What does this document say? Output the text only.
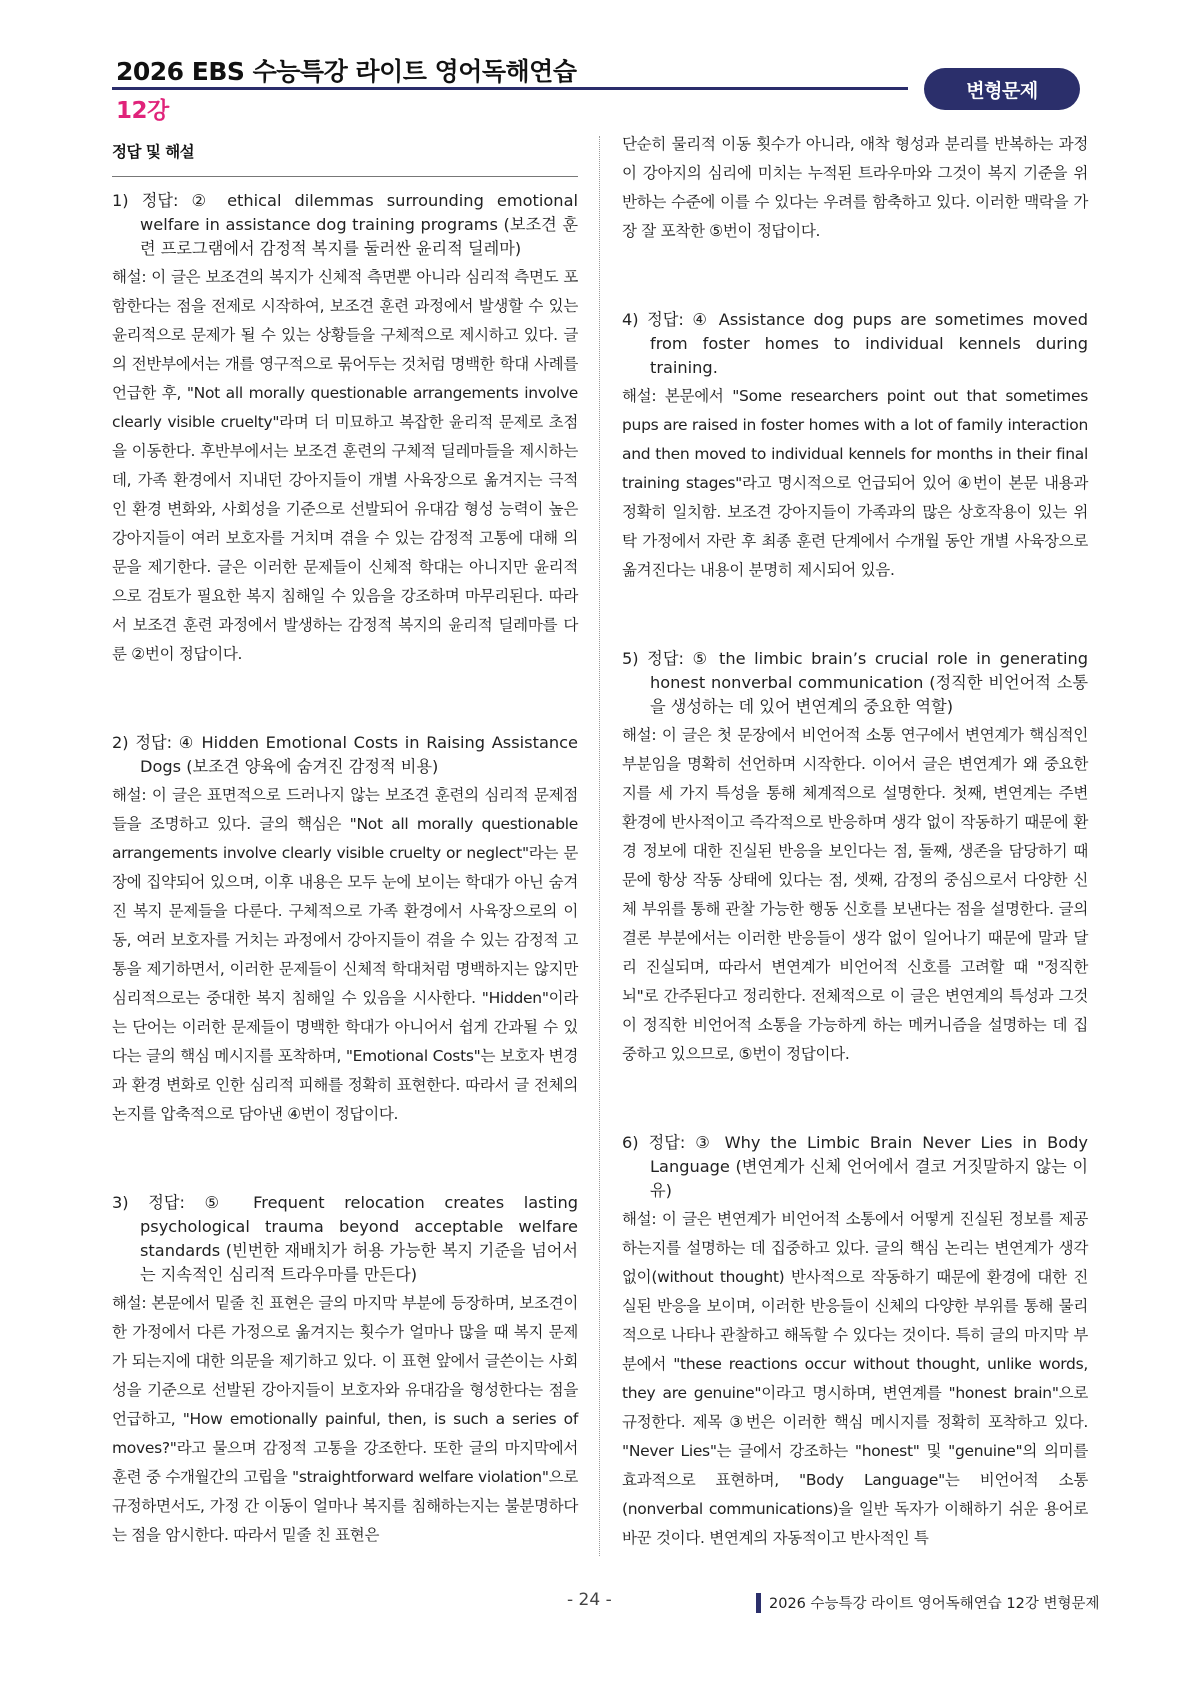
2026 EBS 수능특강 라이트 영어독해연습
12강
변형문제
정답 및 해설
1) 정답: ② ethical dilemmas surrounding emotional welfare in assistance dog training programs (보조견 훈련 프로그램에서 감정적 복지를 둘러싼 윤리적 딜레마)

해설: 이 글은 보조견의 복지가 신체적 측면뿐 아니라 심리적 측면도 포함한다는 점을 전제로 시작하여, 보조견 훈련 과정에서 발생할 수 있는 윤리적으로 문제가 될 수 있는 상황들을 구체적으로 제시하고 있다. 글의 전반부에서는 개를 영구적으로 묶어두는 것처럼 명백한 학대 사례를 언급한 후, "Not all morally questionable arrangements involve clearly visible cruelty"라며 더 미묘하고 복잡한 윤리적 문제로 초점을 이동한다. 후반부에서는 보조견 훈련의 구체적 딜레마들을 제시하는데, 가족 환경에서 지내던 강아지들이 개별 사육장으로 옮겨지는 극적인 환경 변화와, 사회성을 기준으로 선발되어 유대감 형성 능력이 높은 강아지들이 여러 보호자를 거치며 겪을 수 있는 감정적 고통에 대해 의문을 제기한다. 글은 이러한 문제들이 신체적 학대는 아니지만 윤리적으로 검토가 필요한 복지 침해일 수 있음을 강조하며 마무리된다. 따라서 보조견 훈련 과정에서 발생하는 감정적 복지의 윤리적 딜레마를 다룬 ②번이 정답이다.

2) 정답: ④ Hidden Emotional Costs in Raising Assistance Dogs (보조견 양육에 숨겨진 감정적 비용)

해설: 이 글은 표면적으로 드러나지 않는 보조견 훈련의 심리적 문제점들을 조명하고 있다. 글의 핵심은 "Not all morally questionable arrangements involve clearly visible cruelty or neglect"라는 문장에 집약되어 있으며, 이후 내용은 모두 눈에 보이는 학대가 아닌 숨겨진 복지 문제들을 다룬다. 구체적으로 가족 환경에서 사육장으로의 이동, 여러 보호자를 거치는 과정에서 강아지들이 겪을 수 있는 감정적 고통을 제기하면서, 이러한 문제들이 신체적 학대처럼 명백하지는 않지만 심리적으로는 중대한 복지 침해일 수 있음을 시사한다. "Hidden"이라는 단어는 이러한 문제들이 명백한 학대가 아니어서 쉽게 간과될 수 있다는 글의 핵심 메시지를 포착하며, "Emotional Costs"는 보호자 변경과 환경 변화로 인한 심리적 피해를 정확히 표현한다. 따라서 글 전체의 논지를 압축적으로 담아낸 ④번이 정답이다.

3) 정답: ⑤ Frequent relocation creates lasting psychological trauma beyond acceptable welfare standards (빈번한 재배치가 허용 가능한 복지 기준을 넘어서는 지속적인 심리적 트라우마를 만든다)

해설: 본문에서 밑줄 친 표현은 글의 마지막 부분에 등장하며, 보조견이 한 가정에서 다른 가정으로 옮겨지는 횟수가 얼마나 많을 때 복지 문제가 되는지에 대한 의문을 제기하고 있다. 이 표현 앞에서 글쓴이는 사회성을 기준으로 선발된 강아지들이 보호자와 유대감을 형성한다는 점을 언급하고, "How emotionally painful, then, is such a series of moves?"라고 물으며 감정적 고통을 강조한다. 또한 글의 마지막에서 훈련 중 수개월간의 고립을 "straightforward welfare violation"으로 규정하면서도, 가정 간 이동이 얼마나 복지를 침해하는지는 불분명하다는 점을 암시한다. 따라서 밑줄 친 표현은

단순히 물리적 이동 횟수가 아니라, 애착 형성과 분리를 반복하는 과정이 강아지의 심리에 미치는 누적된 트라우마와 그것이 복지 기준을 위반하는 수준에 이를 수 있다는 우려를 함축하고 있다. 이러한 맥락을 가장 잘 포착한 ⑤번이 정답이다.

4) 정답: ④ Assistance dog pups are sometimes moved from foster homes to individual kennels during training.

해설: 본문에서 "Some researchers point out that sometimes pups are raised in foster homes with a lot of family interaction and then moved to individual kennels for months in their final training stages"라고 명시적으로 언급되어 있어 ④번이 본문 내용과 정확히 일치함. 보조견 강아지들이 가족과의 많은 상호작용이 있는 위탁 가정에서 자란 후 최종 훈련 단계에서 수개월 동안 개별 사육장으로 옮겨진다는 내용이 분명히 제시되어 있음.

5) 정답: ⑤ the limbic brain’s crucial role in generating honest nonverbal communication (정직한 비언어적 소통을 생성하는 데 있어 변연계의 중요한 역할)

해설: 이 글은 첫 문장에서 비언어적 소통 연구에서 변연계가 핵심적인 부분임을 명확히 선언하며 시작한다. 이어서 글은 변연계가 왜 중요한지를 세 가지 특성을 통해 체계적으로 설명한다. 첫째, 변연계는 주변 환경에 반사적이고 즉각적으로 반응하며 생각 없이 작동하기 때문에 환경 정보에 대한 진실된 반응을 보인다는 점, 둘째, 생존을 담당하기 때문에 항상 작동 상태에 있다는 점, 셋째, 감정의 중심으로서 다양한 신체 부위를 통해 관찰 가능한 행동 신호를 보낸다는 점을 설명한다. 글의 결론 부분에서는 이러한 반응들이 생각 없이 일어나기 때문에 말과 달리 진실되며, 따라서 변연계가 비언어적 신호를 고려할 때 "정직한 뇌"로 간주된다고 정리한다. 전체적으로 이 글은 변연계의 특성과 그것이 정직한 비언어적 소통을 가능하게 하는 메커니즘을 설명하는 데 집중하고 있으므로, ⑤번이 정답이다.

6) 정답: ③ Why the Limbic Brain Never Lies in Body Language (변연계가 신체 언어에서 결코 거짓말하지 않는 이유)

해설: 이 글은 변연계가 비언어적 소통에서 어떻게 진실된 정보를 제공하는지를 설명하는 데 집중하고 있다. 글의 핵심 논리는 변연계가 생각 없이(without thought) 반사적으로 작동하기 때문에 환경에 대한 진실된 반응을 보이며, 이러한 반응들이 신체의 다양한 부위를 통해 물리적으로 나타나 관찰하고 해독할 수 있다는 것이다. 특히 글의 마지막 부분에서 "these reactions occur without thought, unlike words, they are genuine"이라고 명시하며, 변연계를 "honest brain"으로 규정한다. 제목 ③번은 이러한 핵심 메시지를 정확히 포착하고 있다. "Never Lies"는 글에서 강조하는 "honest" 및 "genuine"의 의미를 효과적으로 표현하며, "Body Language"는 비언어적 소통(nonverbal communications)을 일반 독자가 이해하기 쉬운 용어로 바꾼 것이다. 변연계의 자동적이고 반사적인 특

- 24 -	2026 수능특강 라이트 영어독해연습 12강 변형문제
